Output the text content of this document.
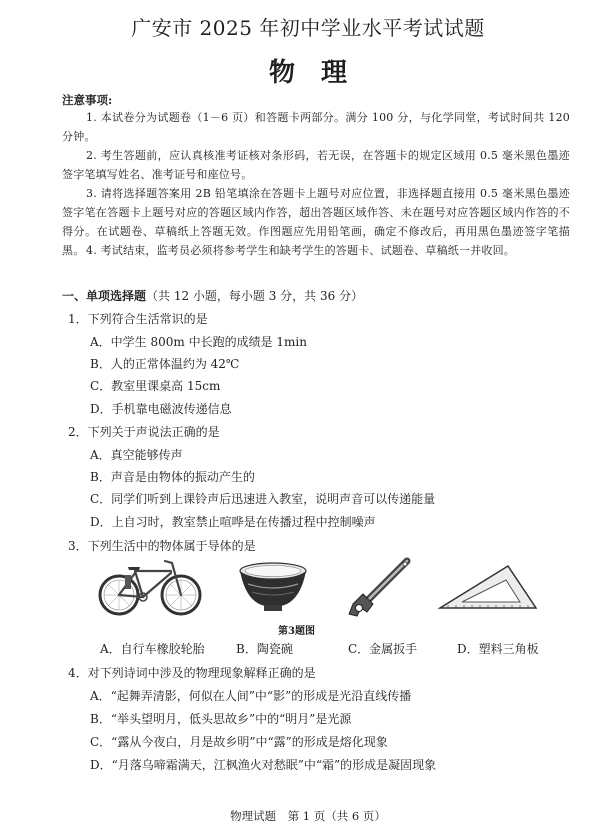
广安市 2025 年初中学业水平考试试题
物　理
注意事项:
1. 本试卷分为试题卷（1－6 页）和答题卡两部分。满分 100 分，与化学同堂，考试时间共 120 分钟。
2. 考生答题前，应认真核准考证核对条形码，若无误，在答题卡的规定区域用 0.5 毫米黑色墨迹签字笔填写姓名、准考证号和座位号。
3. 请将选择题答案用 2B 铅笔填涂在答题卡上题号对应位置，非选择题直接用 0.5 毫米黑色墨迹签字笔在答题卡上题号对应的答题区域内作答，超出答题区域作答、未在题号对应答题区域内作答的不得分。在试题卷、草稿纸上答题无效。作图题应先用铅笔画，确定不修改后，再用黑色墨迹签字笔描黑。 4. 考试结束，监考员必须将参考学生和缺考学生的答题卡、试题卷、草稿纸一并收回。
一、单项选择题（共 12 小题，每小题 3 分，共 36 分）
1．下列符合生活常识的是
A．中学生 800m 中长跑的成绩是 1min
B．人的正常体温约为 42℃
C．教室里课桌高 15cm
D．手机靠电磁波传递信息
2．下列关于声说法正确的是
A．真空能够传声
B．声音是由物体的振动产生的
C．同学们听到上课铃声后迅速进入教室，说明声音可以传递能量
D．上自习时，教室禁止喧哗是在传播过程中控制噪声
3．下列生活中的物体属于导体的是
第3题图
A．自行车橡胶轮胎	B．陶瓷碗	C．金属扳手	D．塑料三角板
4．对下列诗词中涉及的物理现象解释正确的是
A．“起舞弄清影，何似在人间”中“影”的形成是光沿直线传播
B．“举头望明月，低头思故乡”中的“明月”是光源
C．“露从今夜白，月是故乡明”中“露”的形成是熔化现象
D．“月落乌啼霜满天，江枫渔火对愁眠”中“霜”的形成是凝固现象
物理试题　第 1 页（共 6 页）
